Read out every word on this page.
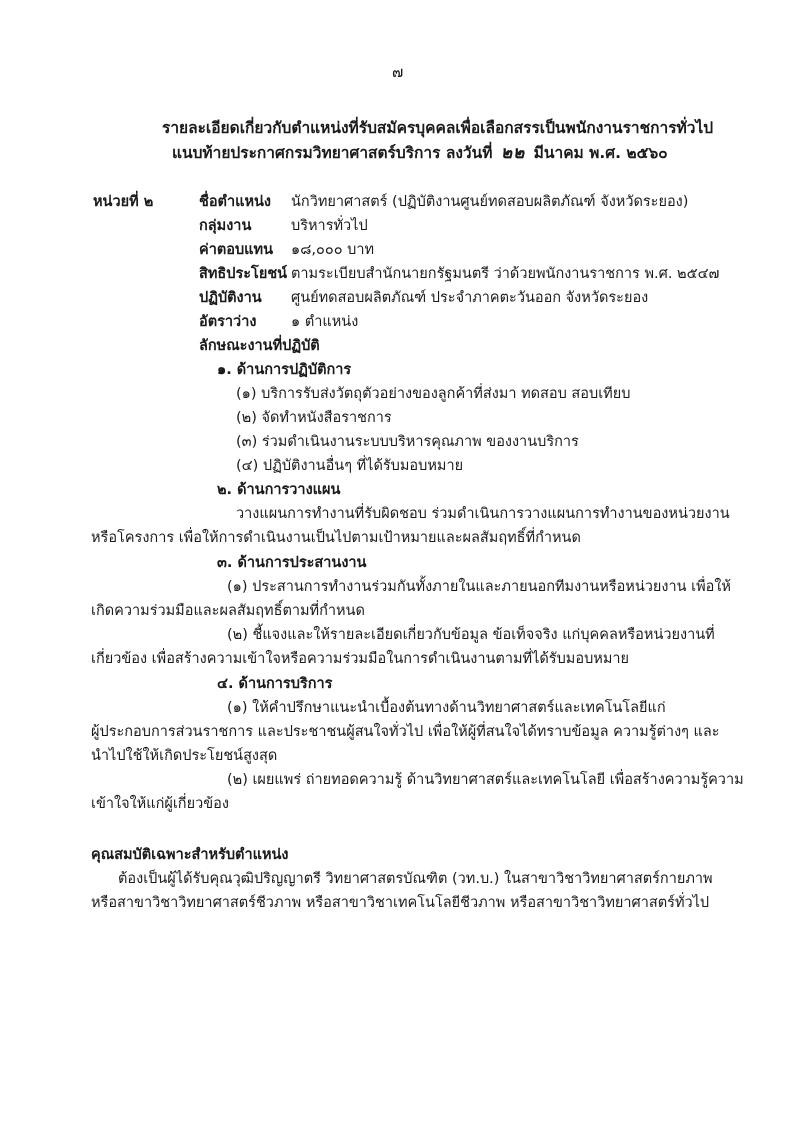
๗
รายละเอียดเกี่ยวกับตำแหน่งที่รับสมัครบุคคลเพื่อเลือกสรรเป็นพนักงานราชการทั่วไป
แนบท้ายประกาศกรมวิทยาศาสตร์บริการ ลงวันที่ ๒๒ มีนาคม พ.ศ. ๒๕๖๐
หน่วยที่ ๒	ชื่อตำแหน่ง นักวิทยาศาสตร์ (ปฏิบัติงานศูนย์ทดสอบผลิตภัณฑ์ จังหวัดระยอง)
กลุ่มงาน	บริหารทั่วไป
ค่าตอบแทน ๑๘,๐๐๐ บาท
สิทธิประโยชน์ ตามระเบียบสำนักนายกรัฐมนตรี ว่าด้วยพนักงานราชการ พ.ศ. ๒๕๔๗
ปฏิบัติงาน ศูนย์ทดสอบผลิตภัณฑ์ ประจำภาคตะวันออก จังหวัดระยอง
อัตราว่าง ๑ ตำแหน่ง
ลักษณะงานที่ปฏิบัติ
๑. ด้านการปฏิบัติการ
(๑) บริการรับส่งวัตถุตัวอย่างของลูกค้าที่ส่งมา ทดสอบ สอบเทียบ
(๒) จัดทำหนังสือราชการ
(๓) ร่วมดำเนินงานระบบบริหารคุณภาพ ของงานบริการ
(๔) ปฏิบัติงานอื่นๆ ที่ได้รับมอบหมาย
๒. ด้านการวางแผน
วางแผนการทำงานที่รับผิดชอบ ร่วมดำเนินการวางแผนการทำงานของหน่วยงาน
หรือโครงการ เพื่อให้การดำเนินงานเป็นไปตามเป้าหมายและผลสัมฤทธิ์ที่กำหนด
๓. ด้านการประสานงาน
(๑) ประสานการทำงานร่วมกันทั้งภายในและภายนอกทีมงานหรือหน่วยงาน เพื่อให้
เกิดความร่วมมือและผลสัมฤทธิ์ตามที่กำหนด
(๒) ชี้แจงและให้รายละเอียดเกี่ยวกับข้อมูล ข้อเท็จจริง แก่บุคคลหรือหน่วยงานที่
เกี่ยวข้อง เพื่อสร้างความเข้าใจหรือความร่วมมือในการดำเนินงานตามที่ได้รับมอบหมาย
๔. ด้านการบริการ
(๑) ให้คำปรึกษาแนะนำเบื้องต้นทางด้านวิทยาศาสตร์และเทคโนโลยีแก่
ผู้ประกอบการส่วนราชการ และประชาชนผู้สนใจทั่วไป เพื่อให้ผู้ที่สนใจได้ทราบข้อมูล ความรู้ต่างๆ และ
นำไปใช้ให้เกิดประโยชน์สูงสุด
(๒) เผยแพร่ ถ่ายทอดความรู้ ด้านวิทยาศาสตร์และเทคโนโลยี เพื่อสร้างความรู้ความ
เข้าใจให้แก่ผู้เกี่ยวข้อง
คุณสมบัติเฉพาะสำหรับตำแหน่ง
ต้องเป็นผู้ได้รับคุณวุฒิปริญญาตรี วิทยาศาสตรบัณฑิต (วท.บ.) ในสาขาวิชาวิทยาศาสตร์กายภาพ
หรือสาขาวิชาวิทยาศาสตร์ชีวภาพ หรือสาขาวิชาเทคโนโลยีชีวภาพ หรือสาขาวิชาวิทยาศาสตร์ทั่วไป
